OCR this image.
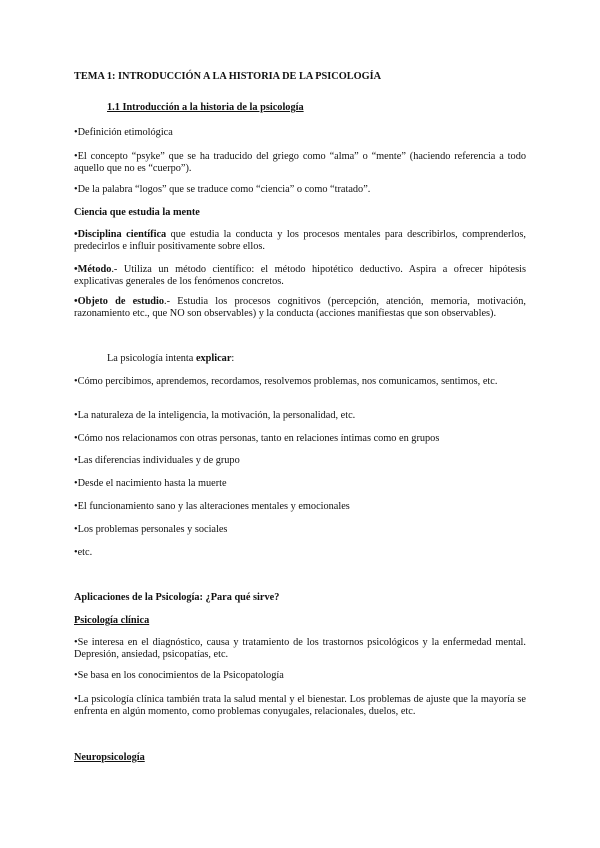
TEMA 1: INTRODUCCIÓN A LA HISTORIA DE LA PSICOLOGÍA

1.1 Introducción a la historia de la psicología

•Definición etimológica

•El concepto “psyke” que se ha traducido del griego como “alma” o “mente” (haciendo referencia a todo aquello que no es “cuerpo”).

•De la palabra “logos” que se traduce como “ciencia” o como “tratado”.

Ciencia que estudia la mente

•Disciplina científica que estudia la conducta y los procesos mentales para describirlos, comprenderlos, predecirlos e influir positivamente sobre ellos.

•Método.- Utiliza un método científico: el método hipotético deductivo. Aspira a ofrecer hipótesis explicativas generales de los fenómenos concretos.

•Objeto de estudio.- Estudia los procesos cognitivos (percepción, atención, memoria, motivación, razonamiento etc., que NO son observables) y la conducta (acciones manifiestas que son observables).

La psicología intenta explicar:

•Cómo percibimos, aprendemos, recordamos, resolvemos problemas, nos comunicamos, sentimos, etc.

•La naturaleza de la inteligencia, la motivación, la personalidad, etc.

•Cómo nos relacionamos con otras personas, tanto en relaciones íntimas como en grupos

•Las diferencias individuales y de grupo

•Desde el nacimiento hasta la muerte

•El funcionamiento sano y las alteraciones mentales y emocionales

•Los problemas personales y sociales

•etc.

Aplicaciones de la Psicología: ¿Para qué sirve?

Psicología clínica

•Se interesa en el diagnóstico, causa y tratamiento de los trastornos psicológicos y la enfermedad mental. Depresión, ansiedad, psicopatías, etc.

•Se basa en los conocimientos de la Psicopatología

•La psicología clínica también trata la salud mental y el bienestar. Los problemas de ajuste que la mayoría se enfrenta en algún momento, como problemas conyugales, relacionales, duelos, etc.

Neuropsicología
